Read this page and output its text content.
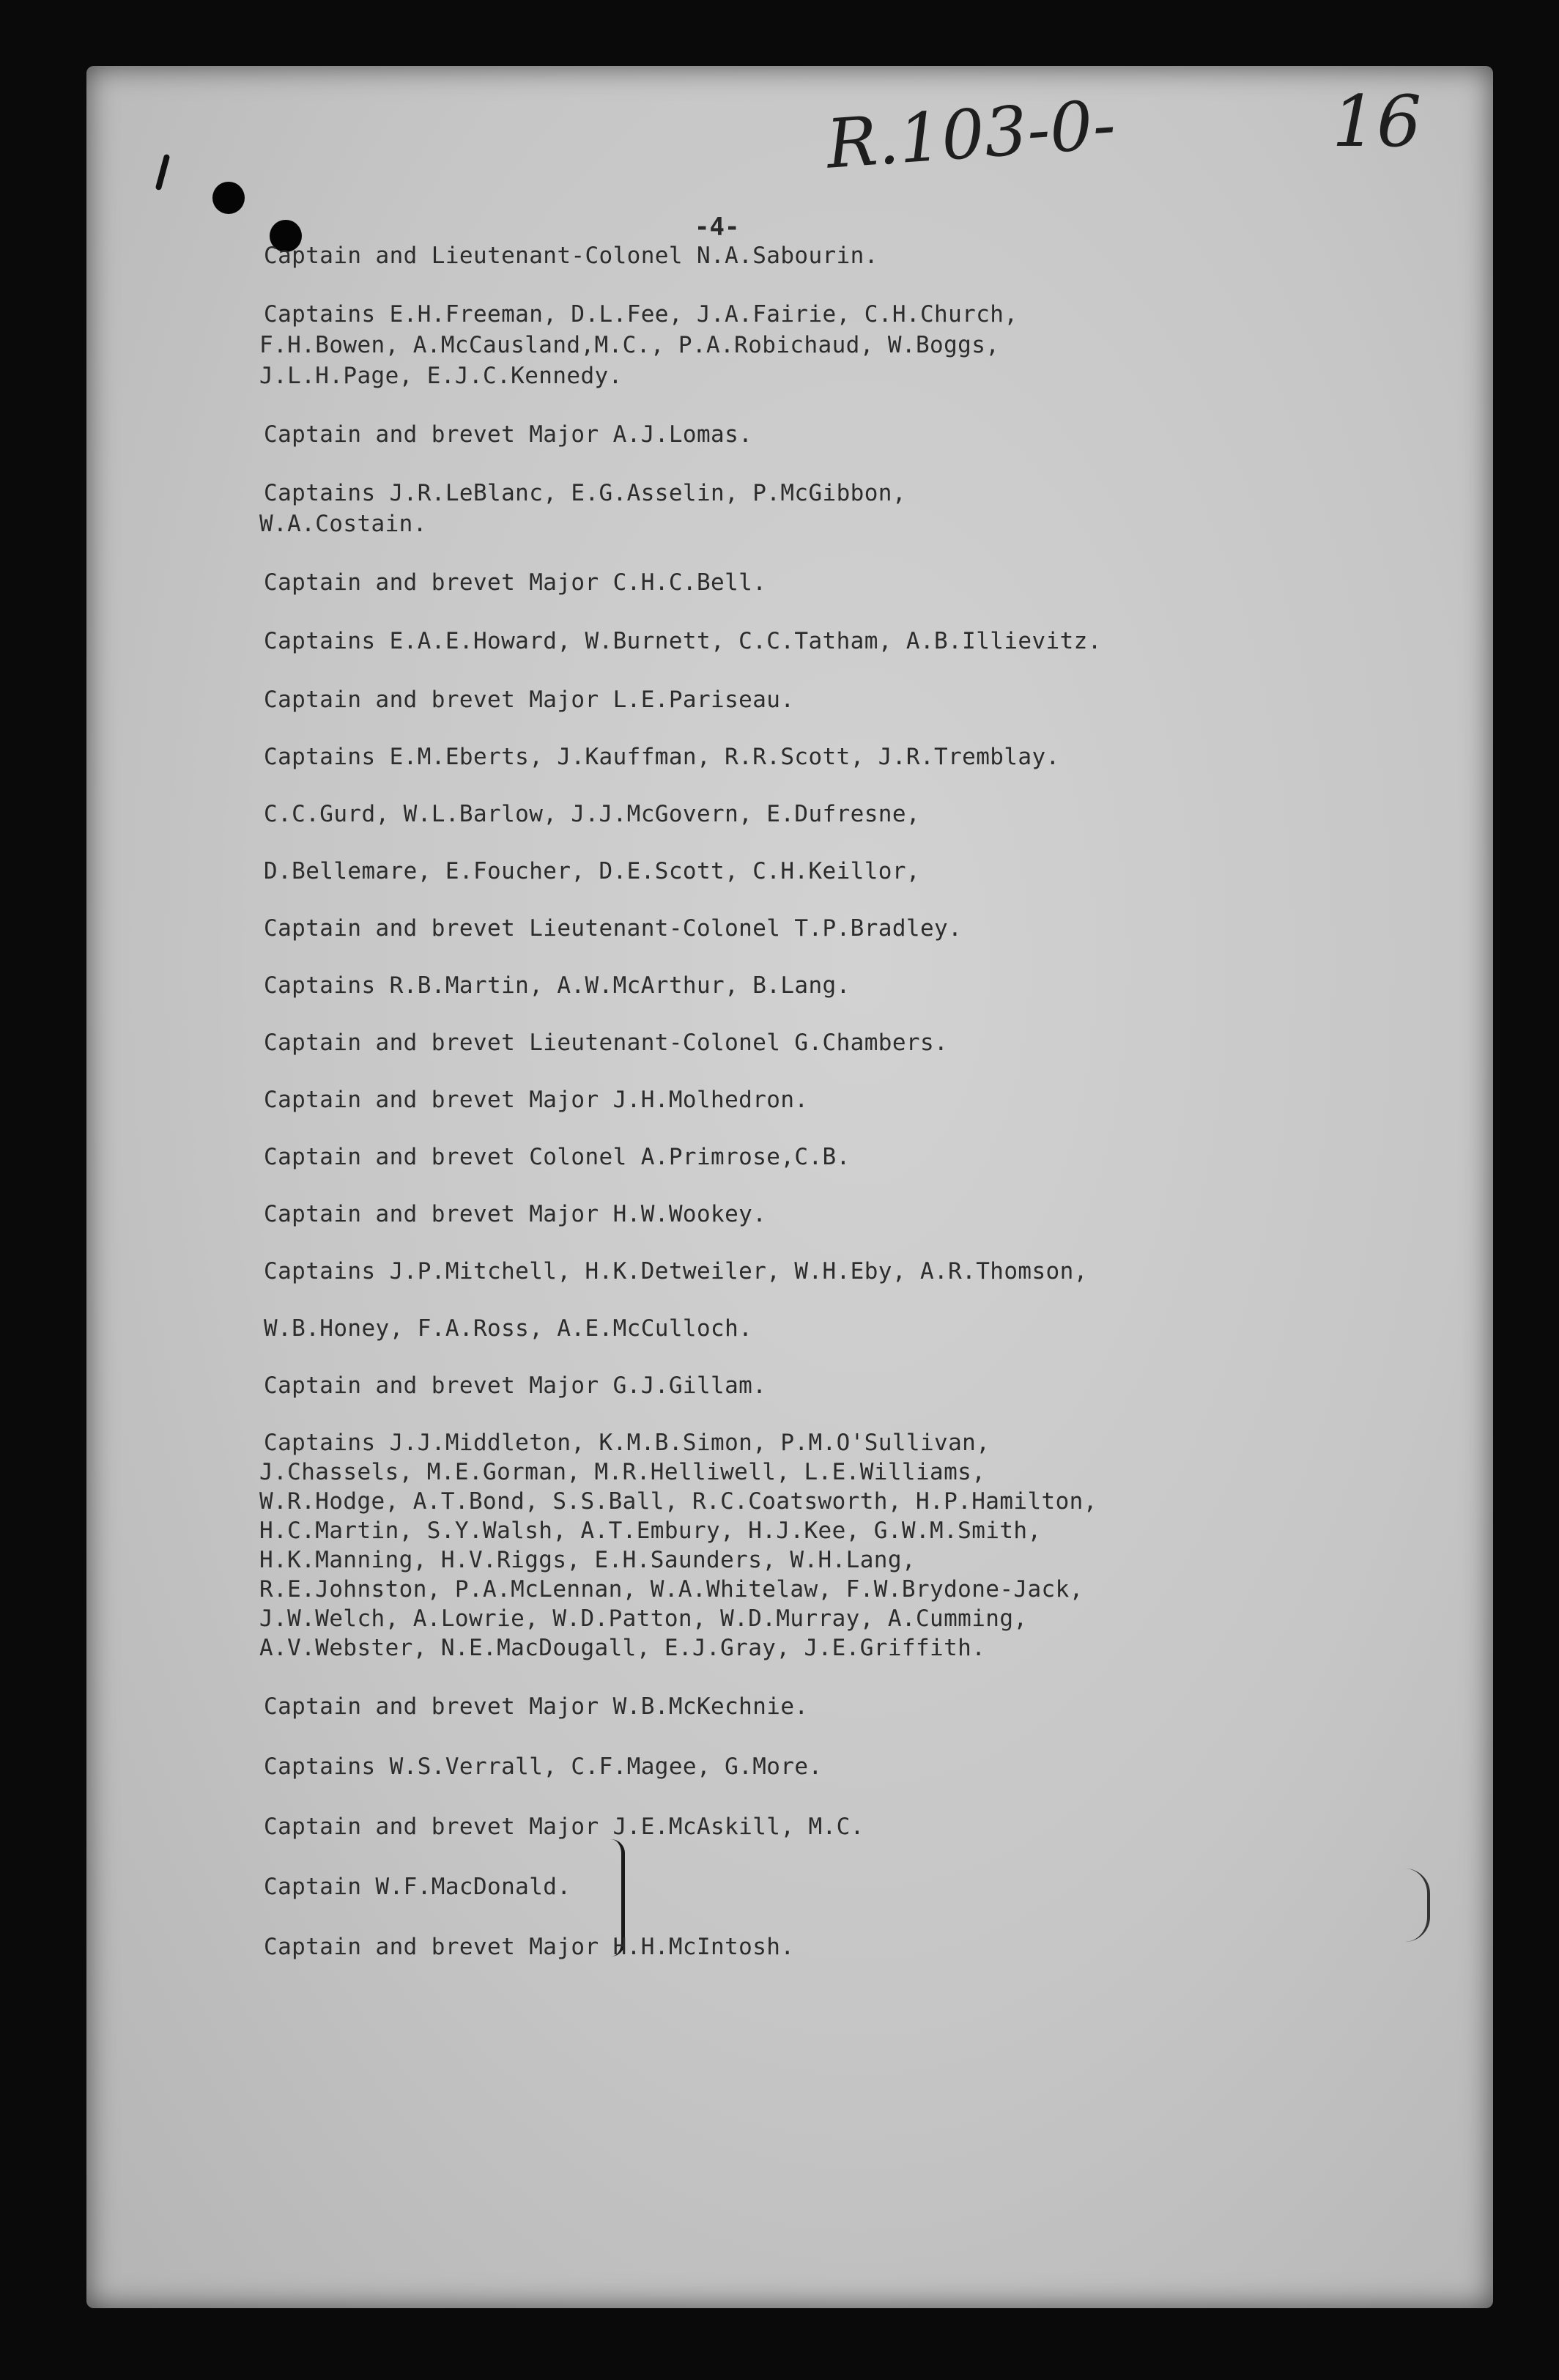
R.103-0-	16
-4-

Captain and Lieutenant-Colonel N.A.Sabourin.

Captains E.H.Freeman, D.L.Fee, J.A.Fairie, C.H.Church,

F.H.Bowen, A.McCausland,M.C., P.A.Robichaud, W.Boggs,

J.L.H.Page, E.J.C.Kennedy.

Captain and brevet Major A.J.Lomas.

Captains J.R.LeBlanc, E.G.Asselin, P.McGibbon,

W.A.Costain.

Captain and brevet Major C.H.C.Bell.

Captains E.A.E.Howard, W.Burnett, C.C.Tatham, A.B.Illievitz.

Captain and brevet Major L.E.Pariseau.

Captains E.M.Eberts, J.Kauffman, R.R.Scott, J.R.Tremblay.

C.C.Gurd, W.L.Barlow, J.J.McGovern, E.Dufresne,

D.Bellemare, E.Foucher, D.E.Scott, C.H.Keillor,

Captain and brevet Lieutenant-Colonel T.P.Bradley.

Captains R.B.Martin, A.W.McArthur, B.Lang.

Captain and brevet Lieutenant-Colonel G.Chambers.

Captain and brevet Major J.H.Molhedron.

Captain and brevet Colonel A.Primrose,C.B.

Captain and brevet Major H.W.Wookey.

Captains J.P.Mitchell, H.K.Detweiler, W.H.Eby, A.R.Thomson,

W.B.Honey, F.A.Ross, A.E.McCulloch.

Captain and brevet Major G.J.Gillam.

Captains J.J.Middleton, K.M.B.Simon, P.M.O'Sullivan,

J.Chassels, M.E.Gorman, M.R.Helliwell, L.E.Williams,

W.R.Hodge, A.T.Bond, S.S.Ball, R.C.Coatsworth, H.P.Hamilton,

H.C.Martin, S.Y.Walsh, A.T.Embury, H.J.Kee, G.W.M.Smith,

H.K.Manning, H.V.Riggs, E.H.Saunders, W.H.Lang,

R.E.Johnston, P.A.McLennan, W.A.Whitelaw, F.W.Brydone-Jack,

J.W.Welch, A.Lowrie, W.D.Patton, W.D.Murray, A.Cumming,

A.V.Webster, N.E.MacDougall, E.J.Gray, J.E.Griffith.

Captain and brevet Major W.B.McKechnie.

Captains W.S.Verrall, C.F.Magee, G.More.

Captain and brevet Major J.E.McAskill, M.C.

Captain W.F.MacDonald.

Captain and brevet Major H.H.McIntosh.
